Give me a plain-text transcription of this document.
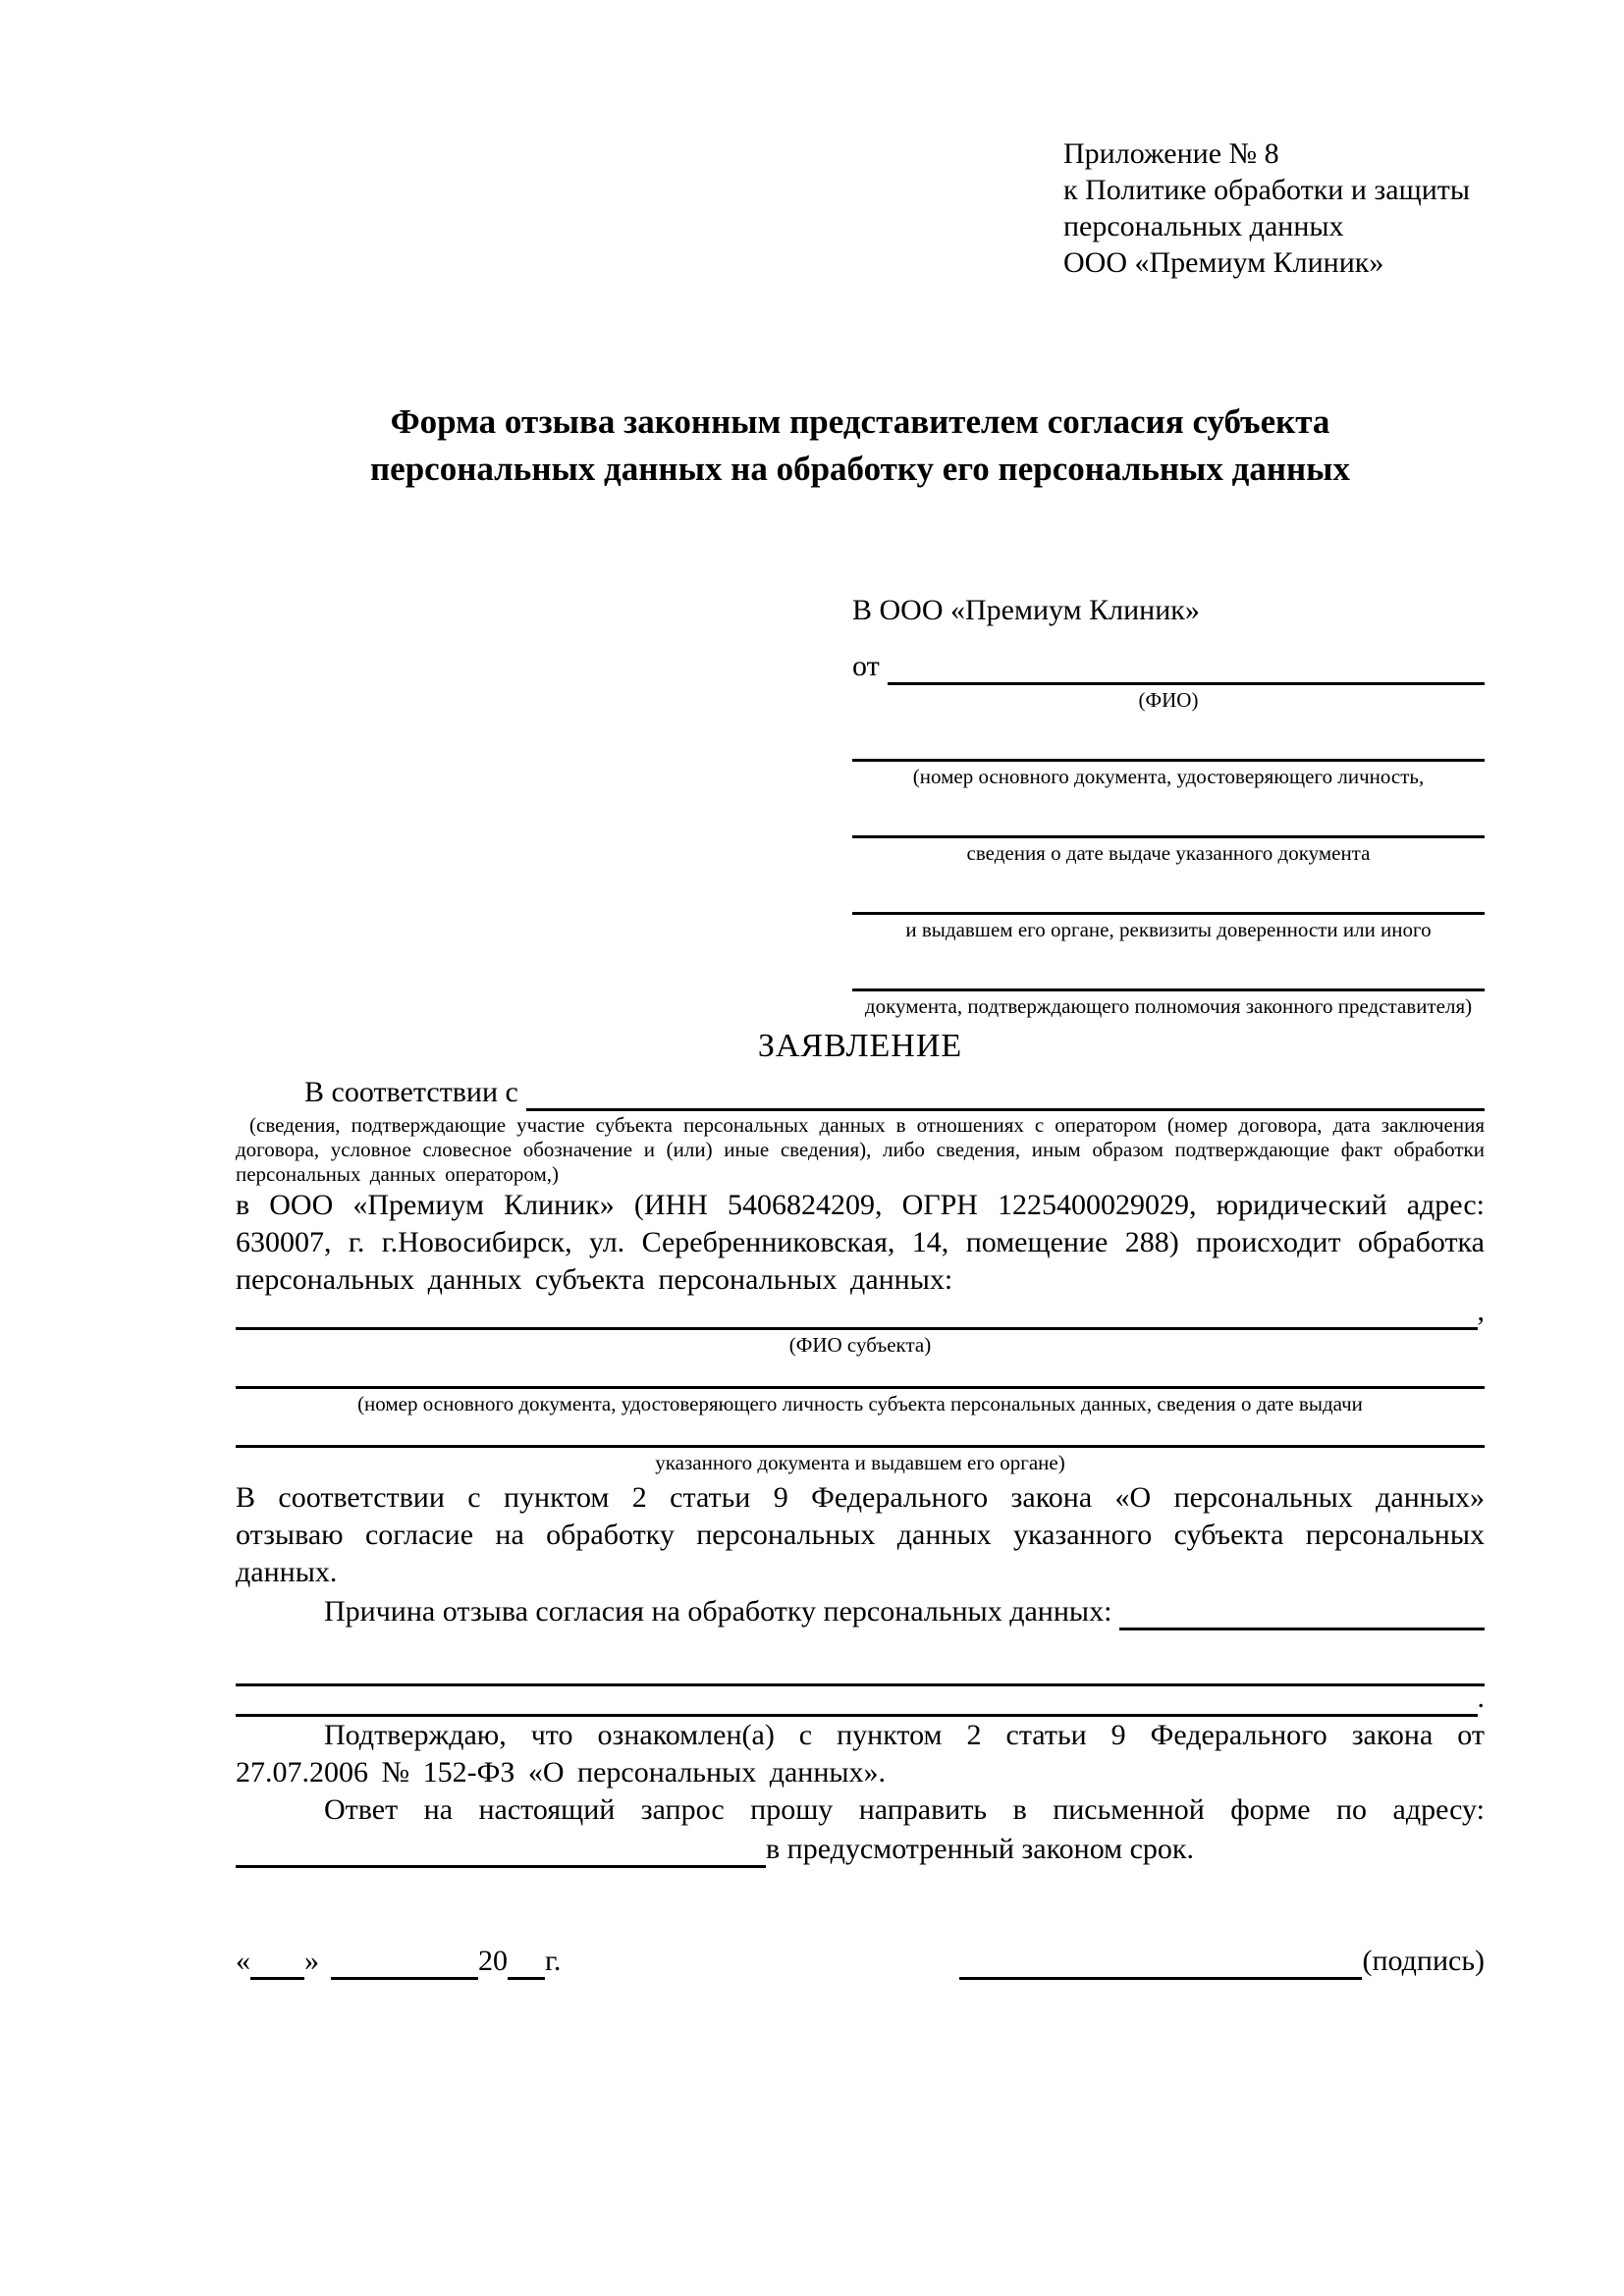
Приложение № 8
к Политике обработки и защиты
персональных данных
ООО «Премиум Клиник»
Форма отзыва законным представителем согласия субъекта персональных данных на обработку его персональных данных
В ООО «Премиум Клиник»
от
(ФИО)
(номер основного документа, удостоверяющего личность,
сведения о дате выдаче указанного документа
и выдавшем его органе, реквизиты доверенности или иного
документа, подтверждающего полномочия законного представителя)
ЗАЯВЛЕНИЕ
В соответствии с
(сведения, подтверждающие участие субъекта персональных данных в отношениях с оператором (номер договора, дата заключения договора, условное словесное обозначение и (или) иные сведения), либо сведения, иным образом подтверждающие факт обработки персональных данных оператором,)

в ООО «Премиум Клиник» (ИНН 5406824209, ОГРН 1225400029029, юридический адрес: 630007, г. г.Новосибирск, ул. Серебренниковская, 14, помещение 288) происходит обработка персональных данных субъекта персональных данных:

,
(ФИО субъекта)
(номер основного документа, удостоверяющего личность субъекта персональных данных, сведения о дате выдачи
указанного документа и выдавшем его органе)

В соответствии с пунктом 2 статьи 9 Федерального закона «О персональных данных» отзываю согласие на обработку персональных данных указанного субъекта персональных данных.

Причина отзыва согласия на обработку персональных данных:
.

Подтверждаю, что ознакомлен(а) с пунктом 2 статьи 9 Федерального закона от 27.07.2006 № 152-ФЗ «О персональных данных».

Ответ на настоящий запрос прошу направить в письменной форме по адресу:

в предусмотренный законом срок.
« »	20 г.	(подпись)
